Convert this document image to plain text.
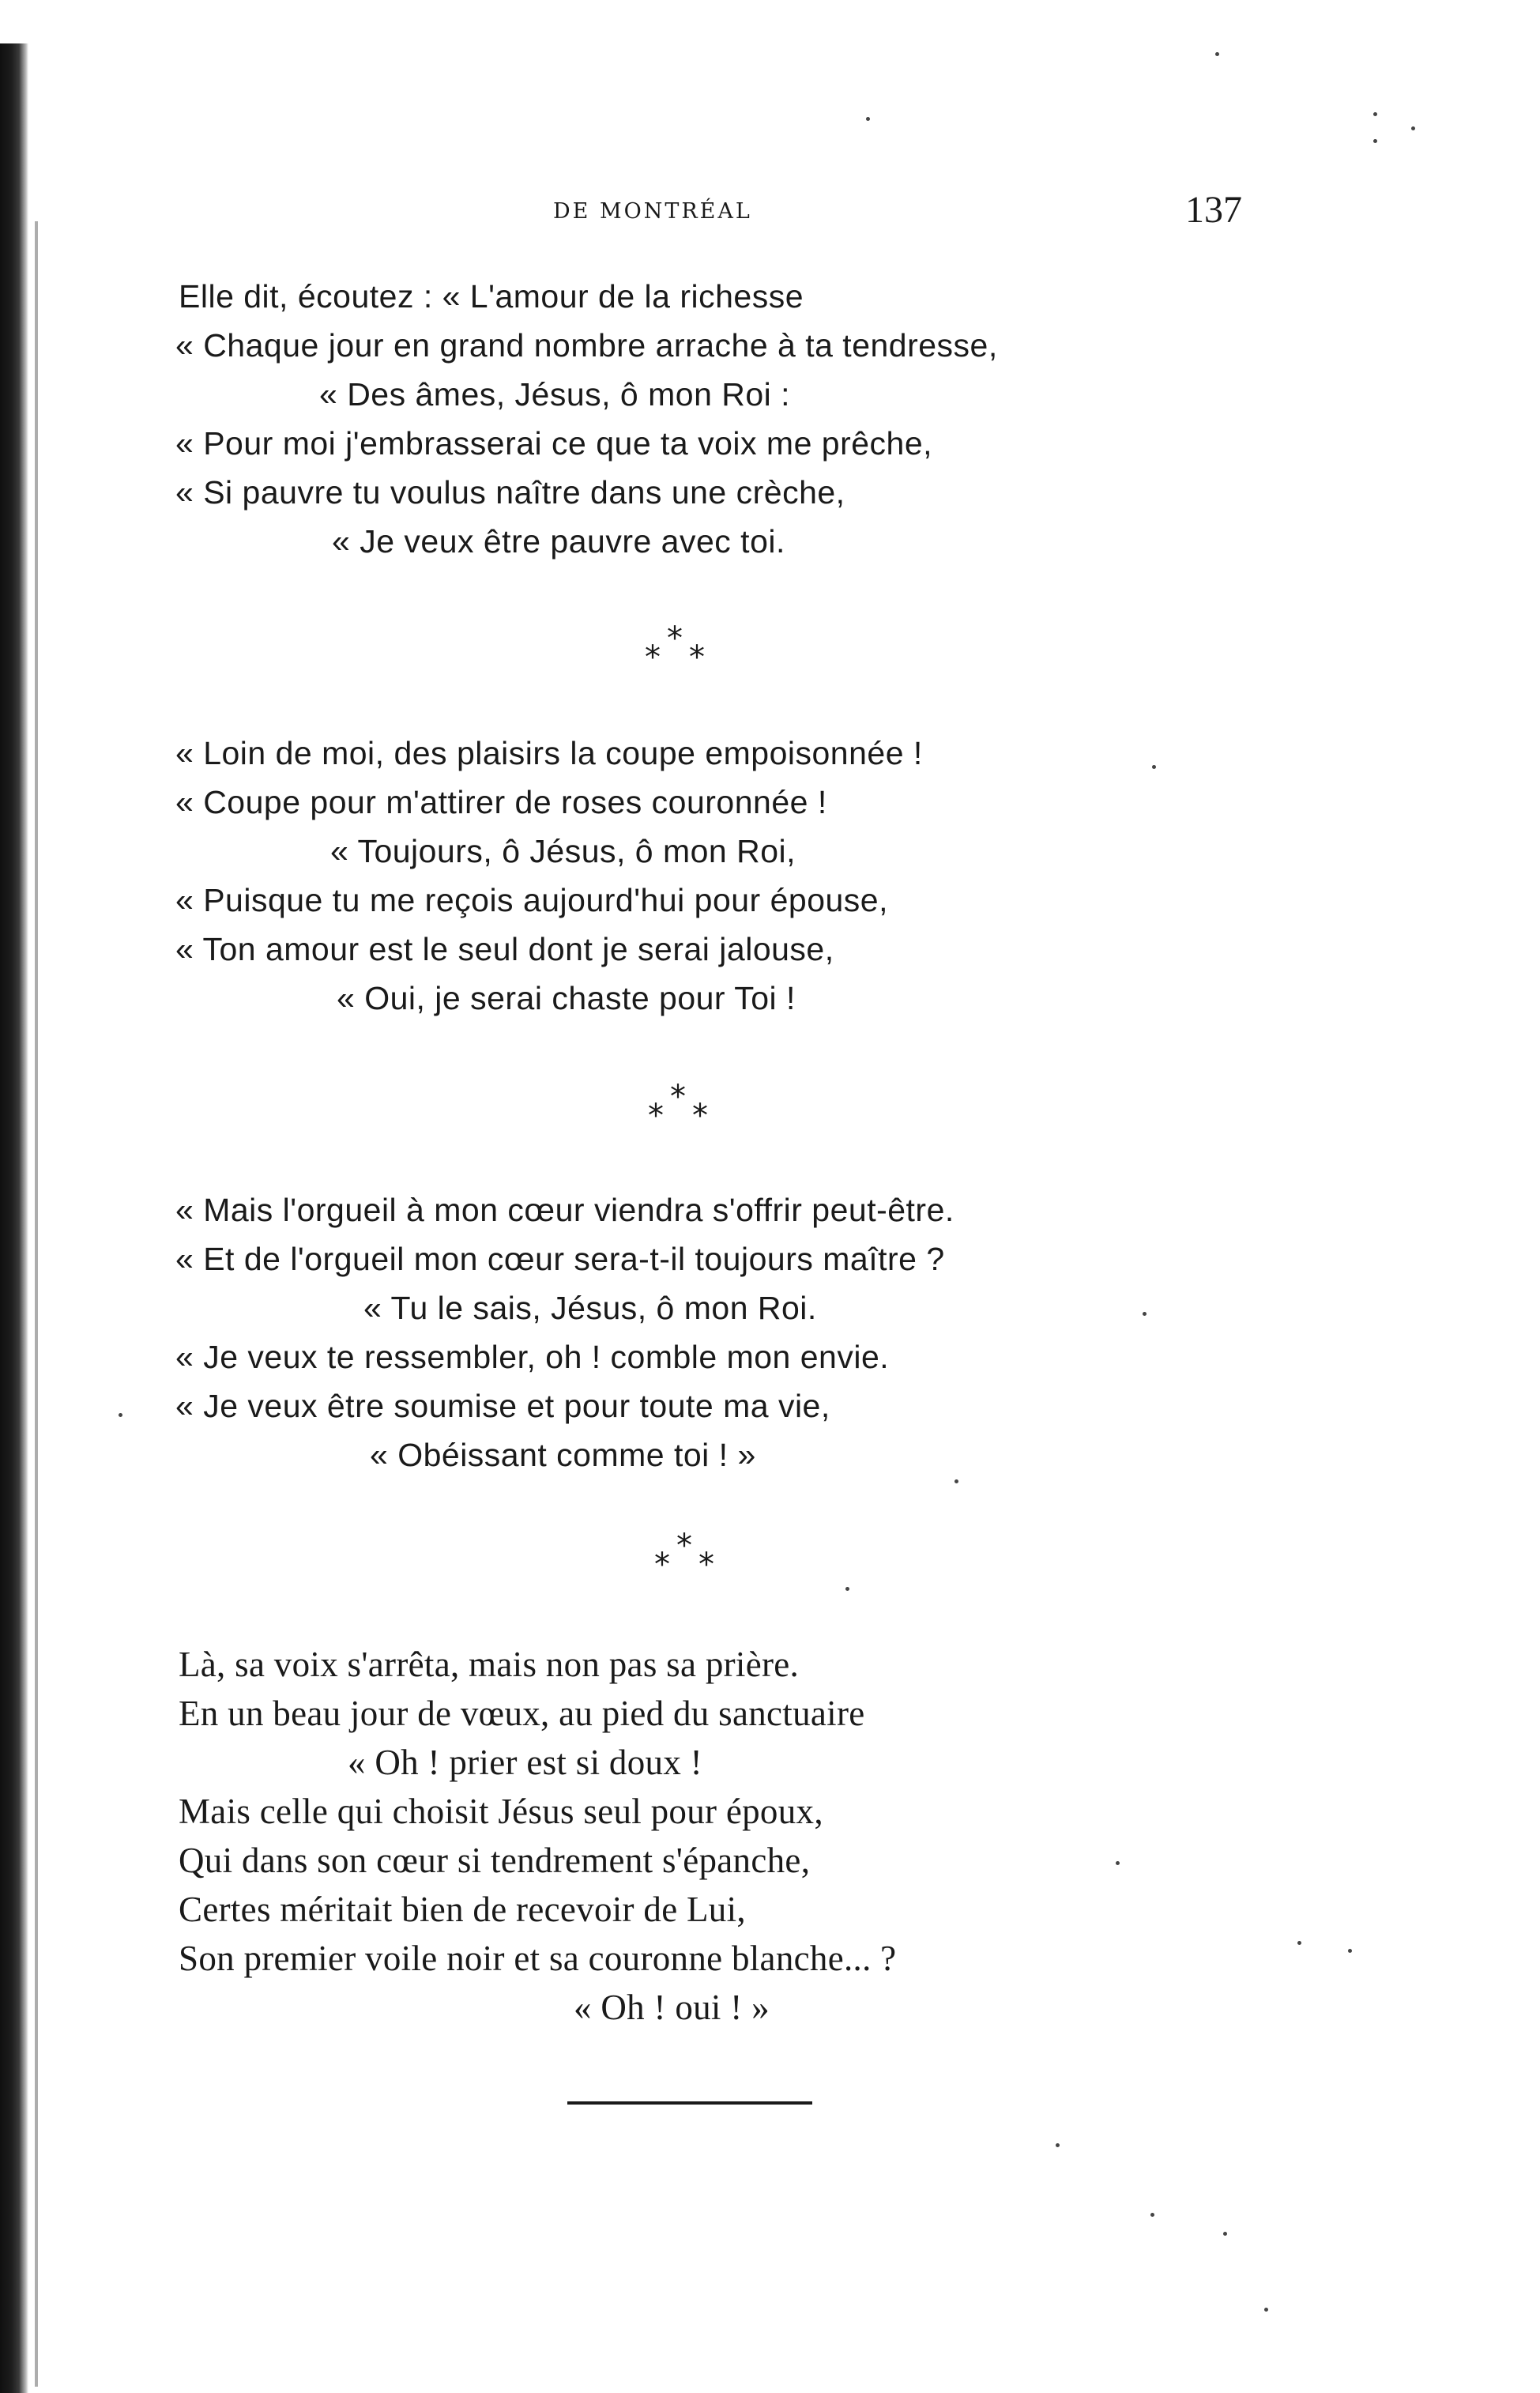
DE MONTRÉAL	137
Elle dit, écoutez : « L'amour de la richesse
« Chaque jour en grand nombre arrache à ta tendresse,
« Des âmes, Jésus, ô mon Roi :
« Pour moi j'embrasserai ce que ta voix me prêche,
« Si pauvre tu voulus naître dans une crèche,
« Je veux être pauvre avec toi.
*
* *
« Loin de moi, des plaisirs la coupe empoisonnée !
« Coupe pour m'attirer de roses couronnée !
« Toujours, ô Jésus, ô mon Roi,
« Puisque tu me reçois aujourd'hui pour épouse,
« Ton amour est le seul dont je serai jalouse,
« Oui, je serai chaste pour Toi !
*
* *
« Mais l'orgueil à mon cœur viendra s'offrir peut-être.
« Et de l'orgueil mon cœur sera-t-il toujours maître ?
« Tu le sais, Jésus, ô mon Roi.
« Je veux te ressembler, oh ! comble mon envie.
« Je veux être soumise et pour toute ma vie,
« Obéissant comme toi ! »
*
* *
Là, sa voix s'arrêta, mais non pas sa prière.
En un beau jour de vœux, au pied du sanctuaire
« Oh ! prier est si doux !
Mais celle qui choisit Jésus seul pour époux,
Qui dans son cœur si tendrement s'épanche,
Certes méritait bien de recevoir de Lui,
Son premier voile noir et sa couronne blanche... ?
« Oh ! oui ! »
